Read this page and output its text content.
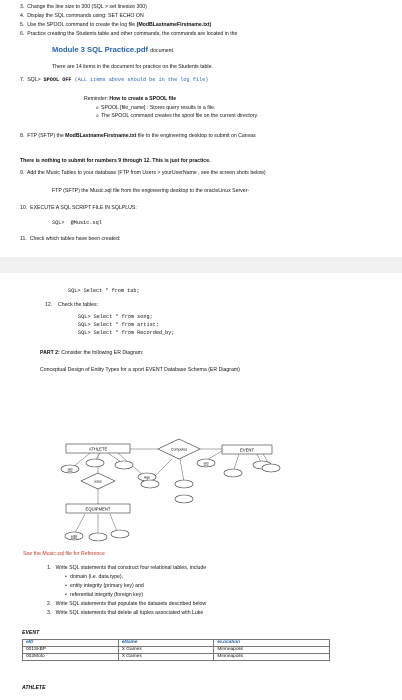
3.  Change the line size to 300 (SQL > set linesize 300)
4.  Display the SQL commands using: SET ECHO ON
5.  Use the SPOOL command to create the log file (ModBLastnameFirstname.txt)
6.  Practice creating the Students table and other commands, the commands are located in the
Module 3 SQL Practice.pdf document.
There are 14 items in the document for practice on the Students table.
7.  SQL> SPOOL OFF (ALL items above should be in the log file)
Reminder: How to create a SPOOL file
o SPOOL [file_name] : Stores query results in a file.
o The SPOOL command creates the spool file on the current directory.
8.  FTP (SFTP) the ModBLastnameFirstname.txt file to the engineering desktop to submit on Canvas
There is nothing to submit for numbers 9 through 12. This is just for practice.
9.  Add the Music Tables to your database (FTP from Users > yourUserName , see the screen shots below)
FTP (SFTP) the Music.sql file from the engineering desktop to the oracleLinux Server-
10.  EXECUTE A SQL SCRIPT FILE IN SQLPLUS:
SQL> @Music.sql
11.  Check which tables have been created:
SQL> Select * from tab;
12.    Check the tables:
SQL> Select * from song;
SQL> Select * from artist;
SQL> Select * from Recorded_by;
PART 2: Consider the following ER Diagram:
Conceptual Design of Entity Types for a sport EVENT Database Schema (ER Diagram)
ATHLETE	EVENT
EQUIPMENT
Competes
uses
aId
Age
eId
eqId
See the Music.sql file for Reference
1.   Write SQL statements that construct four relational tables, include
• domain (i.e. data type),
• entity integrity (primary key) and
• referential integrity (foreign key)
2.   Write SQL statements that populate the datasets described below
3.   Write SQL statements that delete all tuples associated with Luke
EVENT
eID	eName	eLocation
001SkBP	X Games	Minneapolis
002Moto	X Games	Minneapolis
ATHLETE
